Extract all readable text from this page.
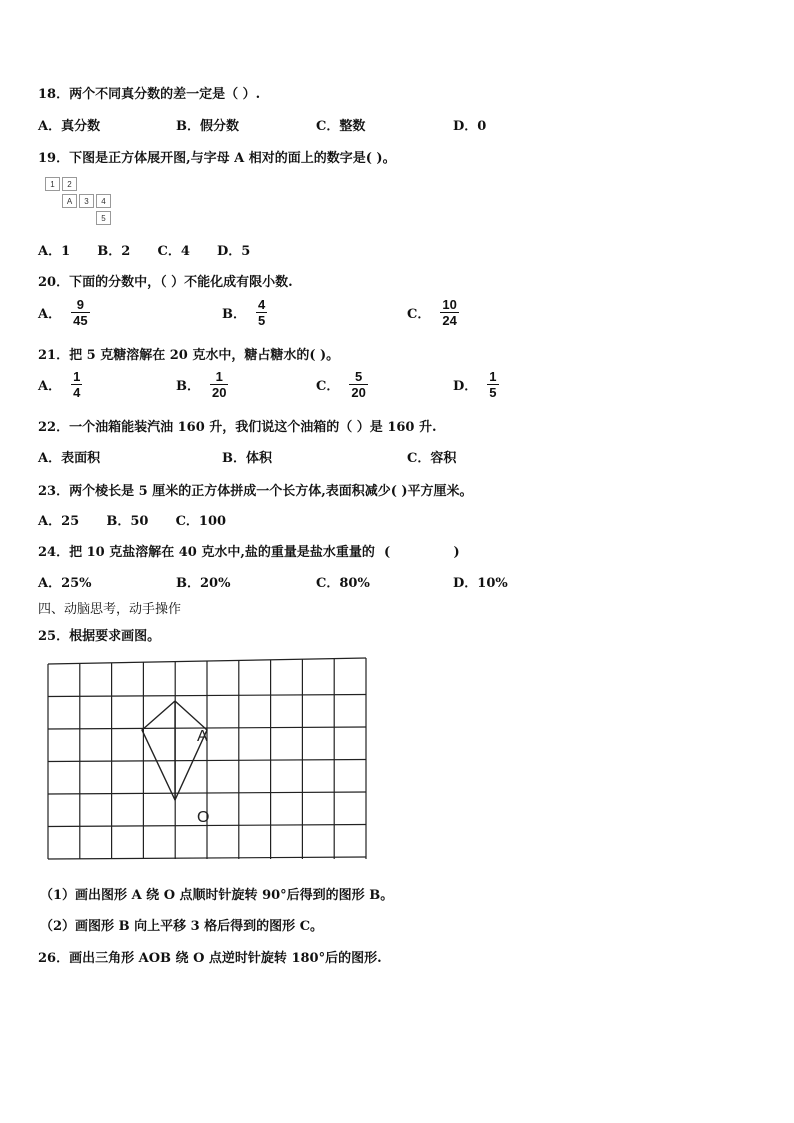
18．两个不同真分数的差一定是（ ）.
A．真分数	B．假分数	C．整数	D．0
19．下图是正方体展开图,与字母 A 相对的面上的数字是( )。
1	2
A	3	4
5
A．1      B．2      C．4      D．5
20．下面的分数中，（ ）不能化成有限小数.
A． $\frac{9}{45}$	B． $\frac{4}{5}$	C． $\frac{10}{24}$
21．把 5 克糖溶解在 20 克水中，糖占糖水的( )。
A． $\frac{1}{4}$	B． $\frac{1}{20}$	C． $\frac{5}{20}$	D． $\frac{1}{5}$
22．一个油箱能装汽油 160 升，我们说这个油箱的（ ）是 160 升.
A．表面积	B．体积	C．容积
23．两个棱长是 5 厘米的正方体拼成一个长方体,表面积减少( )平方厘米。
A．25      B．50      C．100
24．把 10 克盐溶解在 40 克水中,盐的重量是盐水重量的  (              )
A．25%	B．20%	C．80%	D．10%
四、动脑思考，动手操作
25．根据要求画图。
A
O
（1）画出图形 A 绕 O 点顺时针旋转 90°后得到的图形 B。
（2）画图形 B 向上平移 3 格后得到的图形 C。
26．画出三角形 AOB 绕 O 点逆时针旋转 180°后的图形.
